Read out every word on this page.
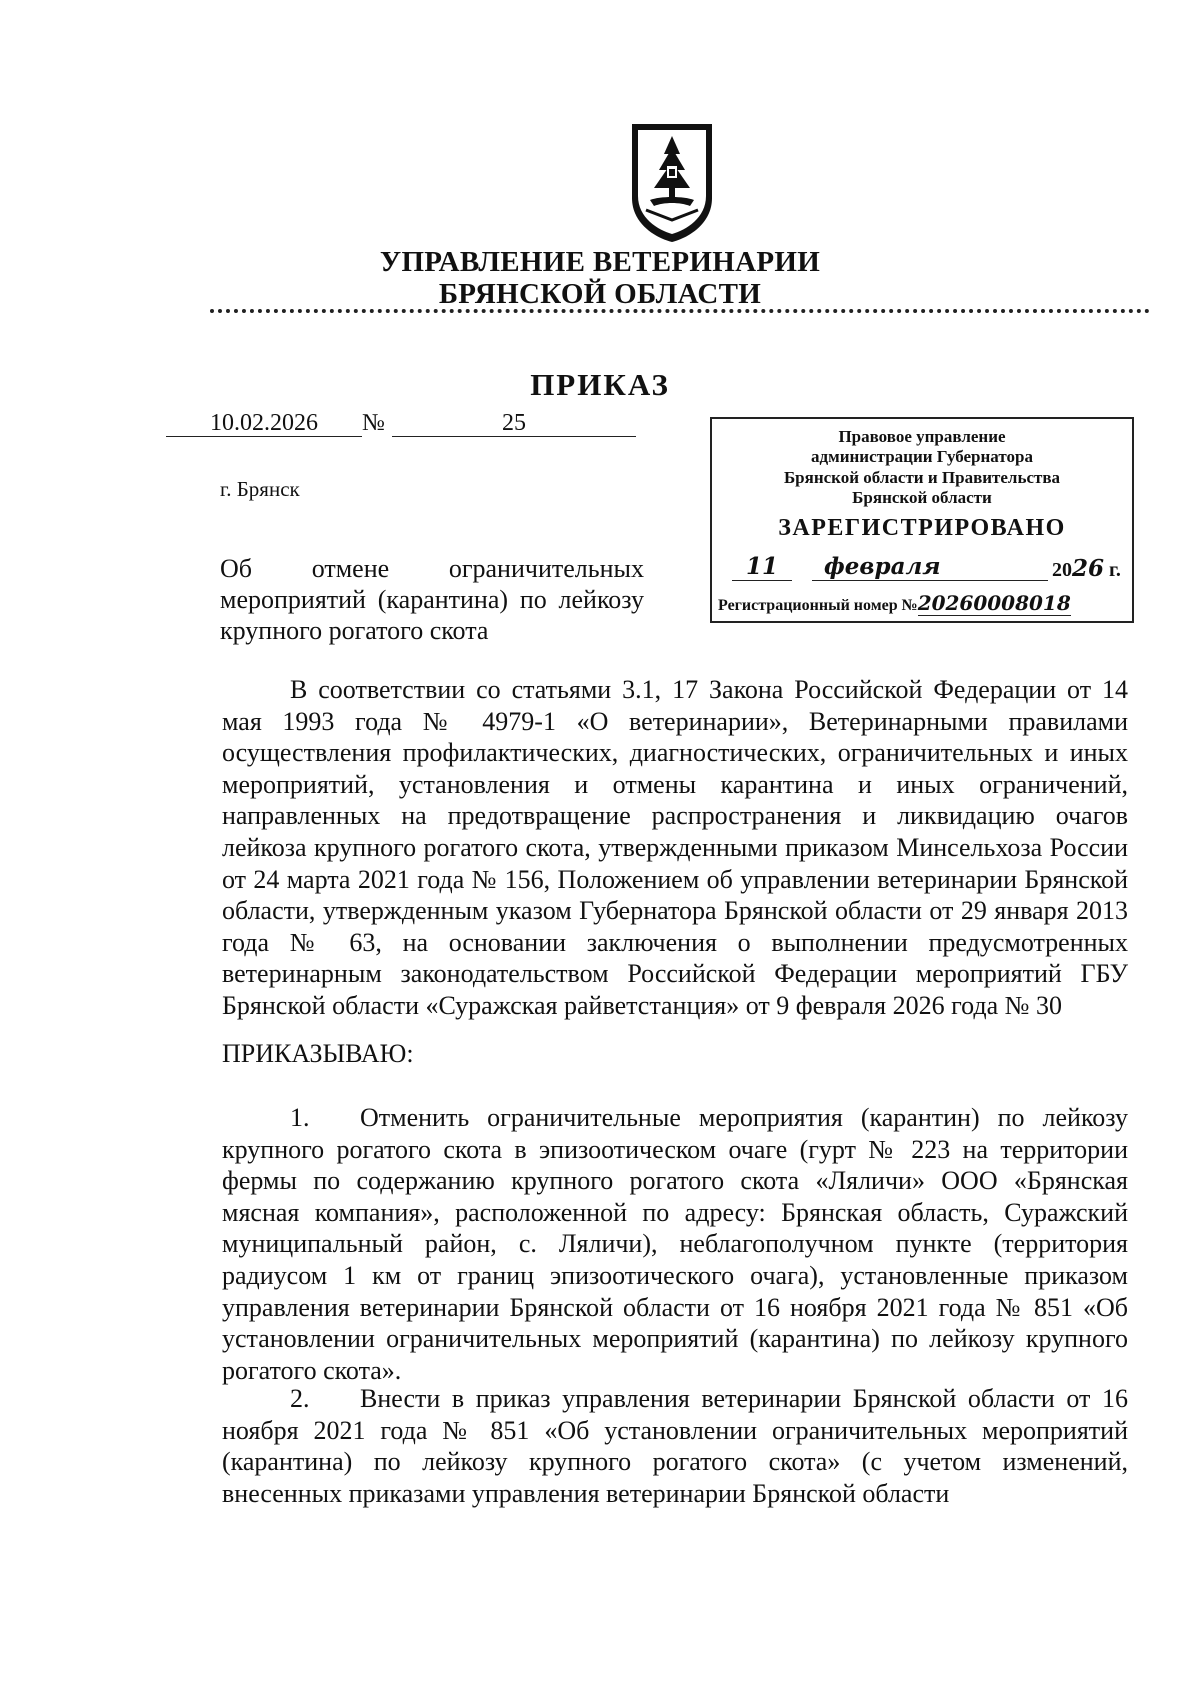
УПРАВЛЕНИЕ ВЕТЕРИНАРИИ
БРЯНСКОЙ ОБЛАСТИ
ПРИКАЗ
10.02.2026	№	25
г. Брянск
Об отмене ограничительных мероприятий (карантина) по лейкозу крупного рогатого скота
Правовое управление
администрации Губернатора
Брянской области и Правительства
Брянской области
ЗАРЕГИСТРИРОВАНО
11	февраля	2026 г.
Регистрационный номер №20260008018
В соответствии со статьями 3.1, 17 Закона Российской Федерации от 14 мая 1993 года № 4979-1 «О ветеринарии», Ветеринарными правилами осуществления профилактических, диагностических, ограничительных и иных мероприятий, установления и отмены карантина и иных ограничений, направленных на предотвращение распространения и ликвидацию очагов лейкоза крупного рогатого скота, утвержденными приказом Минсельхоза России от 24 марта 2021 года № 156, Положением об управлении ветеринарии Брянской области, утвержденным указом Губернатора Брянской области от 29 января 2013 года № 63, на основании заключения о выполнении предусмотренных ветеринарным законодательством Российской Федерации мероприятий ГБУ Брянской области «Суражская райветстанция» от 9 февраля 2026 года № 30
ПРИКАЗЫВАЮ:
1. Отменить ограничительные мероприятия (карантин) по лейкозу крупного рогатого скота в эпизоотическом очаге (гурт № 223 на территории фермы по содержанию крупного рогатого скота «Ляличи» ООО «Брянская мясная компания», расположенной по адресу: Брянская область, Суражский муниципальный район, с. Ляличи), неблагополучном пункте (территория радиусом 1 км от границ эпизоотического очага), установленные приказом управления ветеринарии Брянской области от 16 ноября 2021 года № 851 «Об установлении ограничительных мероприятий (карантина) по лейкозу крупного рогатого скота».
2. Внести в приказ управления ветеринарии Брянской области от 16 ноября 2021 года № 851 «Об установлении ограничительных мероприятий (карантина) по лейкозу крупного рогатого скота» (с учетом изменений, внесенных приказами управления ветеринарии Брянской области
